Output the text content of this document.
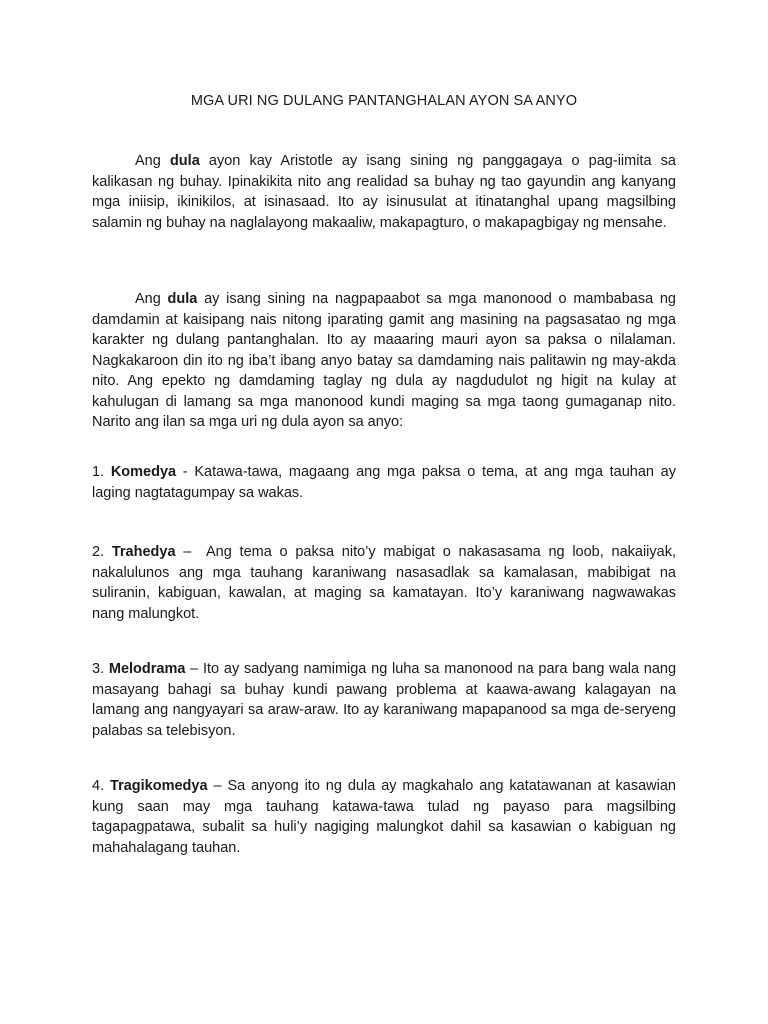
MGA URI NG DULANG PANTANGHALAN AYON SA ANYO

Ang dula ayon kay Aristotle ay isang sining ng panggagaya o pag-iimita sa kalikasan ng buhay. Ipinakikita nito ang realidad sa buhay ng tao gayundin ang kanyang mga iniisip, ikinikilos, at isinasaad. Ito ay isinusulat at itinatanghal upang magsilbing salamin ng buhay na naglalayong makaaliw, makapagturo, o makapagbigay ng mensahe.

Ang dula ay isang sining na nagpapaabot sa mga manonood o mambabasa ng damdamin at kaisipang nais nitong iparating gamit ang masining na pagsasatao ng mga karakter ng dulang pantanghalan. Ito ay maaaring mauri ayon sa paksa o nilalaman. Nagkakaroon din ito ng iba’t ibang anyo batay sa damdaming nais palitawin ng may-akda nito. Ang epekto ng damdaming taglay ng dula ay nagdudulot ng higit na kulay at kahulugan di lamang sa mga manonood kundi maging sa mga taong gumaganap nito. Narito ang ilan sa mga uri ng dula ayon sa anyo:

1. Komedya - Katawa-tawa, magaang ang mga paksa o tema, at ang mga tauhan ay laging nagtatagumpay sa wakas.

2. Trahedya –  Ang tema o paksa nito’y mabigat o nakasasama ng loob, nakaiiyak, nakalulunos ang mga tauhang karaniwang nasasadlak sa kamalasan, mabibigat na suliranin, kabiguan, kawalan, at maging sa kamatayan. Ito’y karaniwang nagwawakas nang malungkot.

3. Melodrama – Ito ay sadyang namimiga ng luha sa manonood na para bang wala nang masayang bahagi sa buhay kundi pawang problema at kaawa-awang kalagayan na lamang ang nangyayari sa araw-araw. Ito ay karaniwang mapapanood sa mga de-seryeng palabas sa telebisyon.

4. Tragikomedya – Sa anyong ito ng dula ay magkahalo ang katatawanan at kasawian kung saan may mga tauhang katawa-tawa tulad ng payaso para magsilbing tagapagpatawa, subalit sa huli’y nagiging malungkot dahil sa kasawian o kabiguan ng mahahalagang tauhan.
